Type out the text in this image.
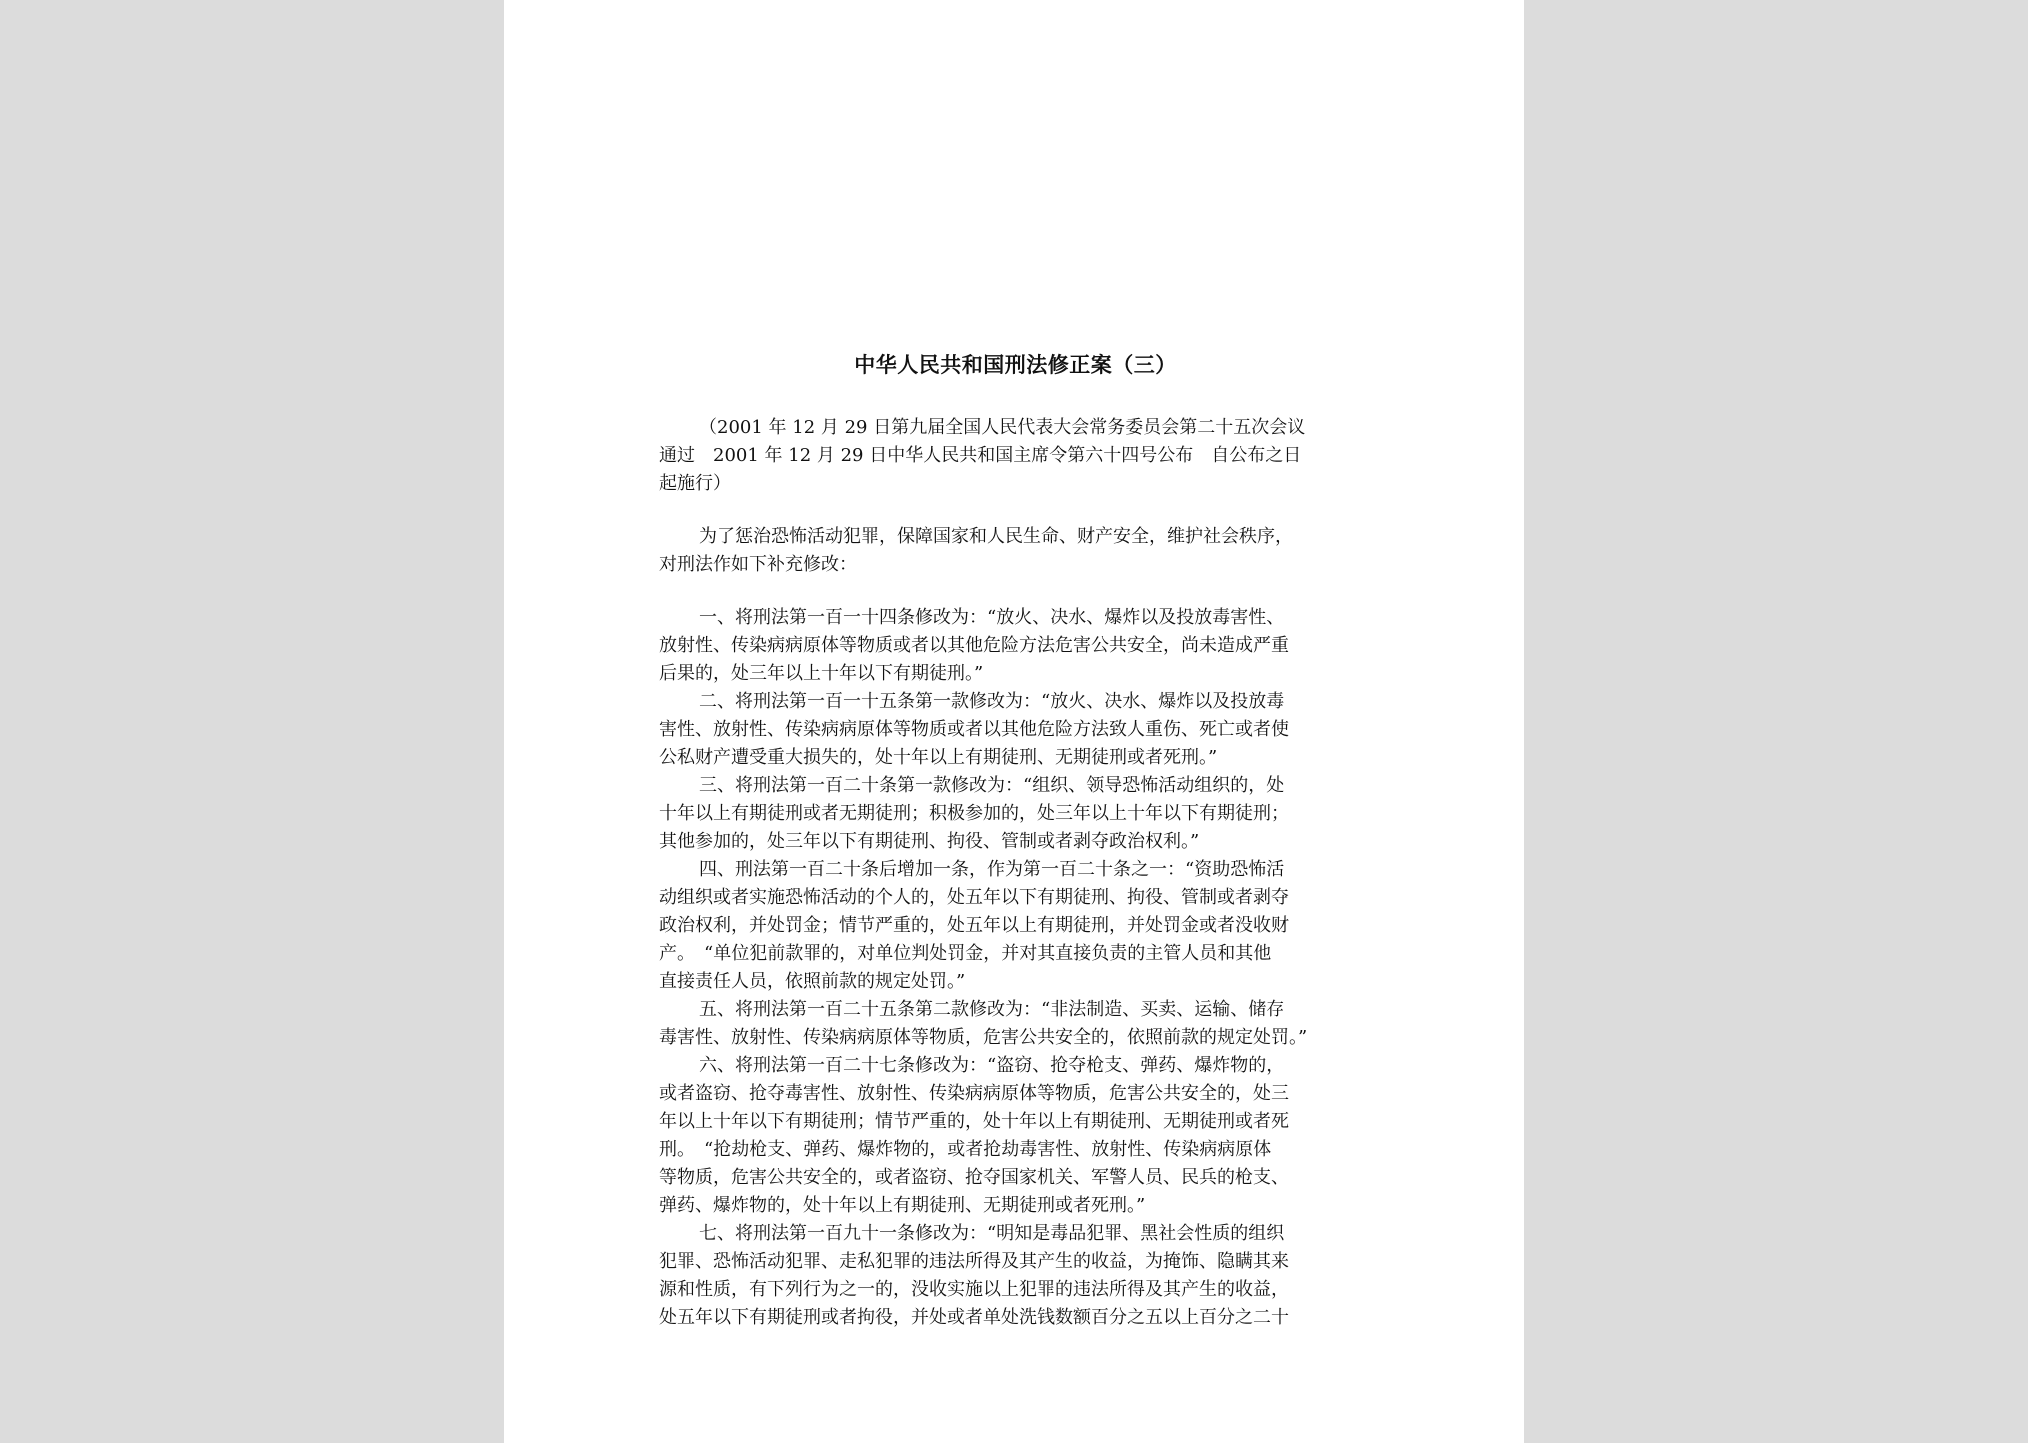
中华人民共和国刑法修正案（三）
（2001 年 12 月 29 日第九届全国人民代表大会常务委员会第二十五次会议
通过　2001 年 12 月 29 日中华人民共和国主席令第六十四号公布　自公布之日
起施行）
为了惩治恐怖活动犯罪，保障国家和人民生命、财产安全，维护社会秩序，
对刑法作如下补充修改：
一、将刑法第一百一十四条修改为：“放火、决水、爆炸以及投放毒害性、
放射性、传染病病原体等物质或者以其他危险方法危害公共安全，尚未造成严重
后果的，处三年以上十年以下有期徒刑。”
二、将刑法第一百一十五条第一款修改为：“放火、决水、爆炸以及投放毒
害性、放射性、传染病病原体等物质或者以其他危险方法致人重伤、死亡或者使
公私财产遭受重大损失的，处十年以上有期徒刑、无期徒刑或者死刑。”
三、将刑法第一百二十条第一款修改为：“组织、领导恐怖活动组织的，处
十年以上有期徒刑或者无期徒刑；积极参加的，处三年以上十年以下有期徒刑；
其他参加的，处三年以下有期徒刑、拘役、管制或者剥夺政治权利。”
四、刑法第一百二十条后增加一条，作为第一百二十条之一：“资助恐怖活
动组织或者实施恐怖活动的个人的，处五年以下有期徒刑、拘役、管制或者剥夺
政治权利，并处罚金；情节严重的，处五年以上有期徒刑，并处罚金或者没收财
产。　“单位犯前款罪的，对单位判处罚金，并对其直接负责的主管人员和其他
直接责任人员，依照前款的规定处罚。”
五、将刑法第一百二十五条第二款修改为：“非法制造、买卖、运输、储存
毒害性、放射性、传染病病原体等物质，危害公共安全的，依照前款的规定处罚。”
六、将刑法第一百二十七条修改为：“盗窃、抢夺枪支、弹药、爆炸物的，
或者盗窃、抢夺毒害性、放射性、传染病病原体等物质，危害公共安全的，处三
年以上十年以下有期徒刑；情节严重的，处十年以上有期徒刑、无期徒刑或者死
刑。　“抢劫枪支、弹药、爆炸物的，或者抢劫毒害性、放射性、传染病病原体
等物质，危害公共安全的，或者盗窃、抢夺国家机关、军警人员、民兵的枪支、
弹药、爆炸物的，处十年以上有期徒刑、无期徒刑或者死刑。”
七、将刑法第一百九十一条修改为：“明知是毒品犯罪、黑社会性质的组织
犯罪、恐怖活动犯罪、走私犯罪的违法所得及其产生的收益，为掩饰、隐瞒其来
源和性质，有下列行为之一的，没收实施以上犯罪的违法所得及其产生的收益，
处五年以下有期徒刑或者拘役，并处或者单处洗钱数额百分之五以上百分之二十
